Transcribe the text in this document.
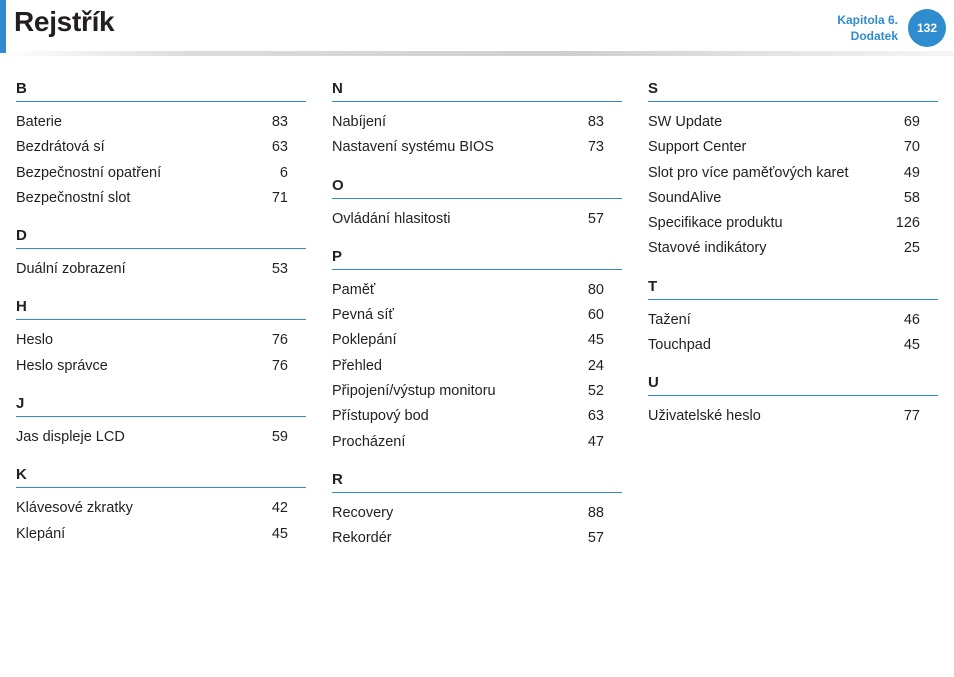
Rejstřík	Kapitola 6.
Dodatek
132
B
Baterie	83
Bezdrátová sí	63
Bezpečnostní opatření	6
Bezpečnostní slot	71
D
Duální zobrazení	53
H
Heslo	76
Heslo správce	76
J
Jas displeje LCD	59
K
Klávesové zkratky	42
Klepání	45
N
Nabíjení	83
Nastavení systému BIOS	73
O
Ovládání hlasitosti	57
P
Paměť	80
Pevná síť	60
Poklepání	45
Přehled	24
Připojení/výstup monitoru	52
Přístupový bod	63
Procházení	47
R
Recovery	88
Rekordér	57
S
SW Update	69
Support Center	70
Slot pro více paměťových karet	49
SoundAlive	58
Specifikace produktu	126
Stavové indikátory	25
T
Tažení	46
Touchpad	45
U
Uživatelské heslo	77
